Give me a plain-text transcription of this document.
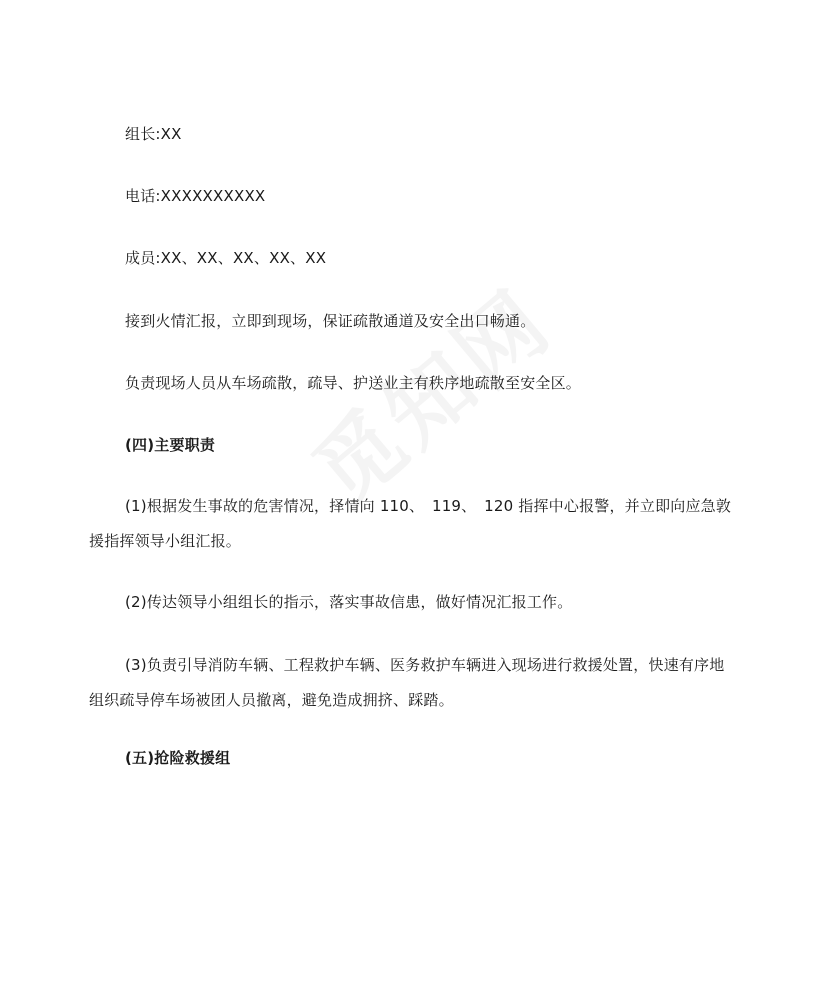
组长:XX
电话:XXXXXXXXXX
成员:XX、XX、XX、XX、XX
接到火情汇报，立即到现场，保证疏散通道及安全出口畅通。
负责现场人员从车场疏散，疏导、护送业主有秩序地疏散至安全区。
(四)主要职责
(1)根据发生事故的危害情况，择情向 110、　119、　120 指挥中心报警，并立即向应急敦
援指挥领导小组汇报。
(2)传达领导小组组长的指示，落实事故信患，做好情况汇报工作。
(3)负责引导消防车辆、工程救护车辆、医务救护车辆进入现场进行救援处置，快速有序地
组织疏导停车场被团人员撤离，避免造成拥挤、踩踏。
(五)抢险救援组
